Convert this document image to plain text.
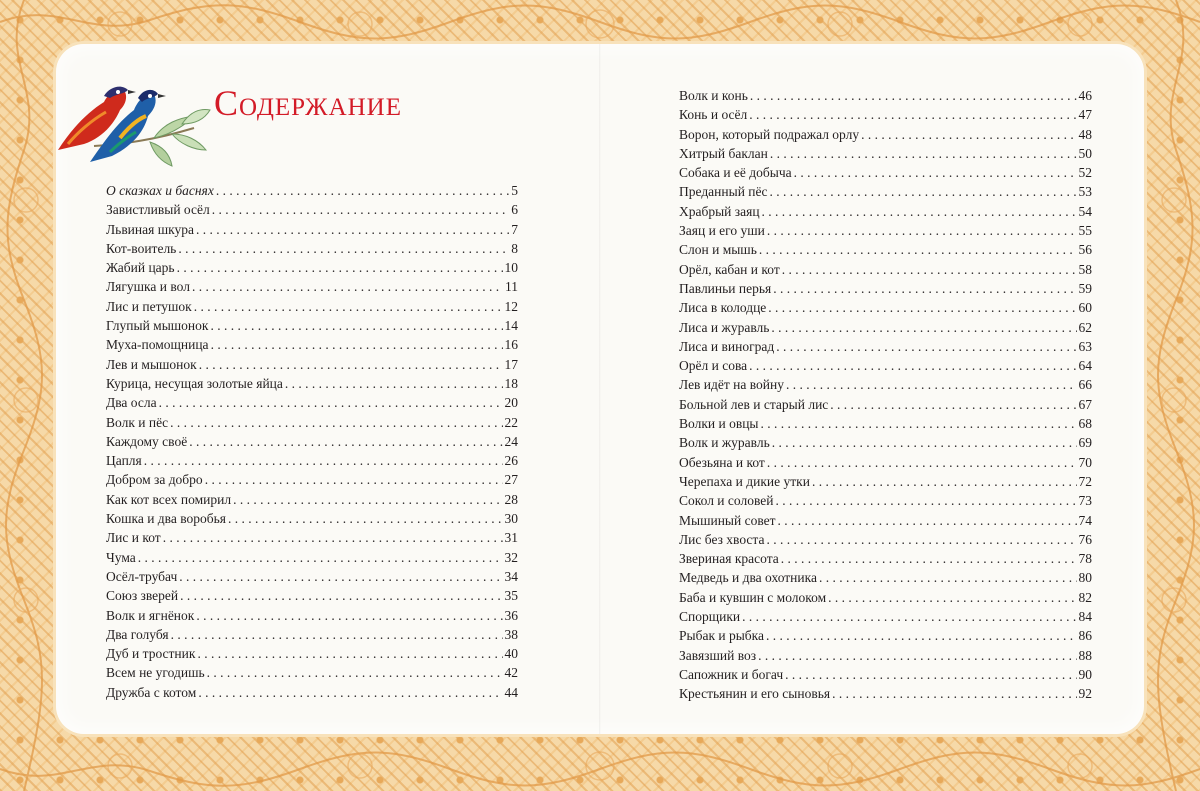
Содержание
О сказках и баснях . . .	5
Завистливый осёл . . .	6
Львиная шкура . . .	7
Кот-воитель . . .	8
Жабий царь . . .	10
Лягушка и вол . . .	11
Лис и петушок . . .	12
Глупый мышонок . . .	14
Муха-помощница . . .	16
Лев и мышонок . . .	17
Курица, несущая золотые яйца . . .	18
Два осла . . .	20
Волк и пёс . . .	22
Каждому своё . . .	24
Цапля . . .	26
Добром за добро . . .	27
Как кот всех помирил . . .	28
Кошка и два воробья . . .	30
Лис и кот . . .	31
Чума . . .	32
Осёл-трубач . . .	34
Союз зверей . . .	35
Волк и ягнёнок . . .	36
Два голубя . . .	38
Дуб и тростник . . .	40
Всем не угодишь . . .	42
Дружба с котом . . .	44
Волк и конь . . .	46
Конь и осёл . . .	47
Ворон, который подражал орлу . . .	48
Хитрый баклан . . .	50
Собака и её добыча . . .	52
Преданный пёс . . .	53
Храбрый заяц . . .	54
Заяц и его уши . . .	55
Слон и мышь . . .	56
Орёл, кабан и кот . . .	58
Павлиньи перья . . .	59
Лиса в колодце . . .	60
Лиса и журавль . . .	62
Лиса и виноград . . .	63
Орёл и сова . . .	64
Лев идёт на войну . . .	66
Больной лев и старый лис . . .	67
Волки и овцы . . .	68
Волк и журавль . . .	69
Обезьяна и кот . . .	70
Черепаха и дикие утки . . .	72
Сокол и соловей . . .	73
Мышиный совет . . .	74
Лис без хвоста . . .	76
Звериная красота . . .	78
Медведь и два охотника . . .	80
Баба и кувшин с молоком . . .	82
Спорщики . . .	84
Рыбак и рыбка . . .	86
Завязший воз . . .	88
Сапожник и богач . . .	90
Крестьянин и его сыновья . . .	92
